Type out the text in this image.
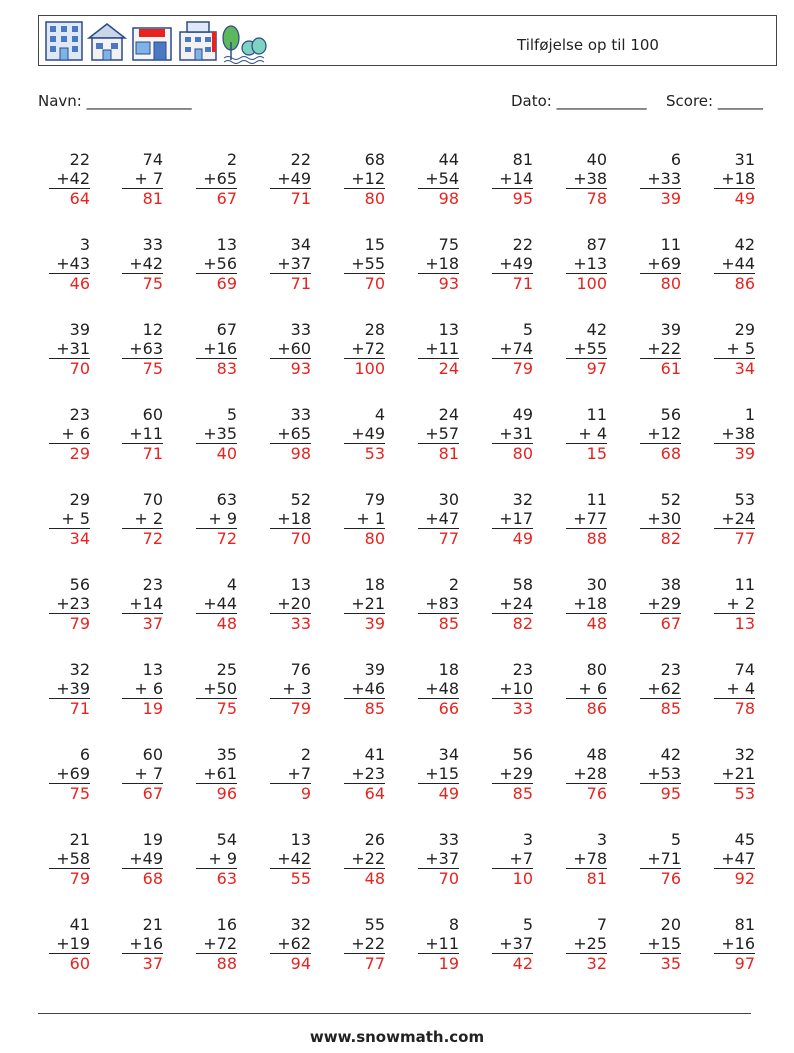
Tilføjelse op til 100
Navn: ______________	Dato: ____________ Score: ______
22
+42
64
74
+ 7
81
2
+65
67
22
+49
71
68
+12
80
44
+54
98
81
+14
95
40
+38
78
6
+33
39
31
+18
49
3
+43
46
33
+42
75
13
+56
69
34
+37
71
15
+55
70
75
+18
93
22
+49
71
87
+13
100
11
+69
80
42
+44
86
39
+31
70
12
+63
75
67
+16
83
33
+60
93
28
+72
100
13
+11
24
5
+74
79
42
+55
97
39
+22
61
29
+ 5
34
23
+ 6
29
60
+11
71
5
+35
40
33
+65
98
4
+49
53
24
+57
81
49
+31
80
11
+ 4
15
56
+12
68
1
+38
39
29
+ 5
34
70
+ 2
72
63
+ 9
72
52
+18
70
79
+ 1
80
30
+47
77
32
+17
49
11
+77
88
52
+30
82
53
+24
77
56
+23
79
23
+14
37
4
+44
48
13
+20
33
18
+21
39
2
+83
85
58
+24
82
30
+18
48
38
+29
67
11
+ 2
13
32
+39
71
13
+ 6
19
25
+50
75
76
+ 3
79
39
+46
85
18
+48
66
23
+10
33
80
+ 6
86
23
+62
85
74
+ 4
78
6
+69
75
60
+ 7
67
35
+61
96
2
+7
9
41
+23
64
34
+15
49
56
+29
85
48
+28
76
42
+53
95
32
+21
53
21
+58
79
19
+49
68
54
+ 9
63
13
+42
55
26
+22
48
33
+37
70
3
+7
10
3
+78
81
5
+71
76
45
+47
92
41
+19
60
21
+16
37
16
+72
88
32
+62
94
55
+22
77
8
+11
19
5
+37
42
7
+25
32
20
+15
35
81
+16
97
www.snowmath.com
